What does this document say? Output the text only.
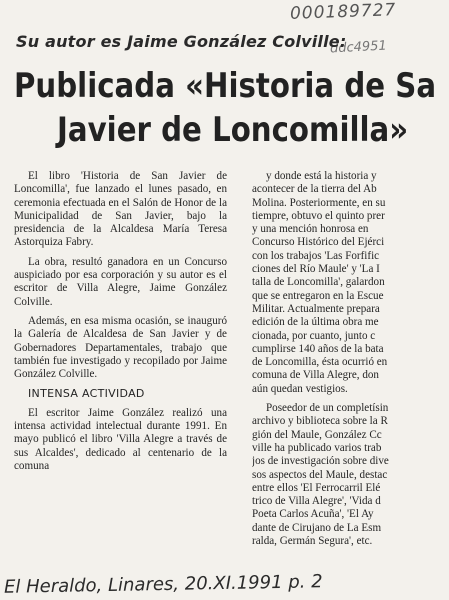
000189727
ddc4951
Su autor es Jaime González Colville:
Publicada «Historia de Sa
Javier de Loncomilla»

El libro 'Historia de San Javier de Loncomilla', fue lanzado el lunes pasado, en ceremonia efectuada en el Salón de Honor de la Municipalidad de San Javier, bajo la presidencia de la Alcaldesa María Teresa Astorquiza Fabry.

La obra, resultó ganadora en un Concurso auspiciado por esa corporación y su autor es el escritor de Villa Alegre, Jaime González Colville.

Además, en esa misma ocasión, se inauguró la Galería de Alcaldesa de San Javier y de Gobernadores Departamentales, trabajo que también fue investigado y recopilado por Jaime González Colville.

INTENSA ACTIVIDAD

El escritor Jaime González realizó una intensa actividad intelectual durante 1991. En mayo publicó el libro 'Villa Alegre a través de sus Alcaldes', dedicado al centenario de la comuna

y donde está la historia y
acontecer de la tierra del Ab
Molina. Posteriormente, en su
tiempre, obtuvo el quinto prer
y una mención honrosa en
Concurso Histórico del Ejérci
con los trabajos 'Las Forfific
ciones del Río Maule' y 'La I
talla de Loncomilla', galardon
que se entregaron en la Escue
Militar. Actualmente prepara
edición de la última obra me
cionada, por cuanto, junto c
cumplirse 140 años de la bata
de Loncomilla, ésta ocurrió en
comuna de Villa Alegre, don
aún quedan vestigios.

Poseedor de un completísin
archivo y biblioteca sobre la R
gión del Maule, González Cc
ville ha publicado varios trab
jos de investigación sobre dive
sos aspectos del Maule, destac
entre ellos 'El Ferrocarril Elé
trico de Villa Alegre', 'Vida d
Poeta Carlos Acuña', 'El Ay
dante de Cirujano de La Esm
ralda, Germán Segura', etc.

El Heraldo, Linares, 20.XI.1991 p. 2
